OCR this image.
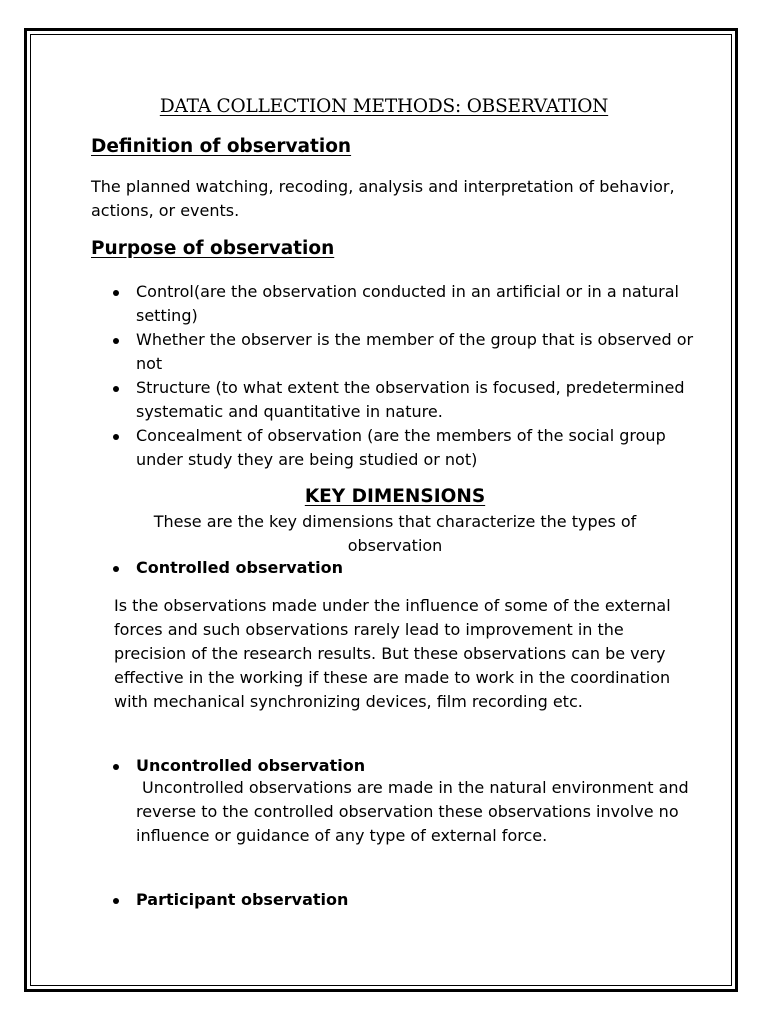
DATA COLLECTION METHODS: OBSERVATION
Definition of observation

The planned watching, recoding, analysis and interpretation of behavior, actions, or events.

Purpose of observation
Control(are the observation conducted in an artificial or in a natural setting)
Whether the observer is the member of the group that is observed or not
Structure (to what extent the observation is focused, predetermined systematic and quantitative in nature.
Concealment of observation (are the members of the social group under study they are being studied or not)
KEY DIMENSIONS

These are the key dimensions that characterize the types of observation

Controlled observation

Is the observations made under the influence of some of the external forces and such observations rarely lead to improvement in the precision of the research results. But these observations can be very effective in the working if these are made to work in the coordination with mechanical synchronizing devices, film recording etc.

Uncontrolled observation

Uncontrolled observations are made in the natural environment and reverse to the controlled observation these observations involve no influence or guidance of any type of external force.

Participant observation
